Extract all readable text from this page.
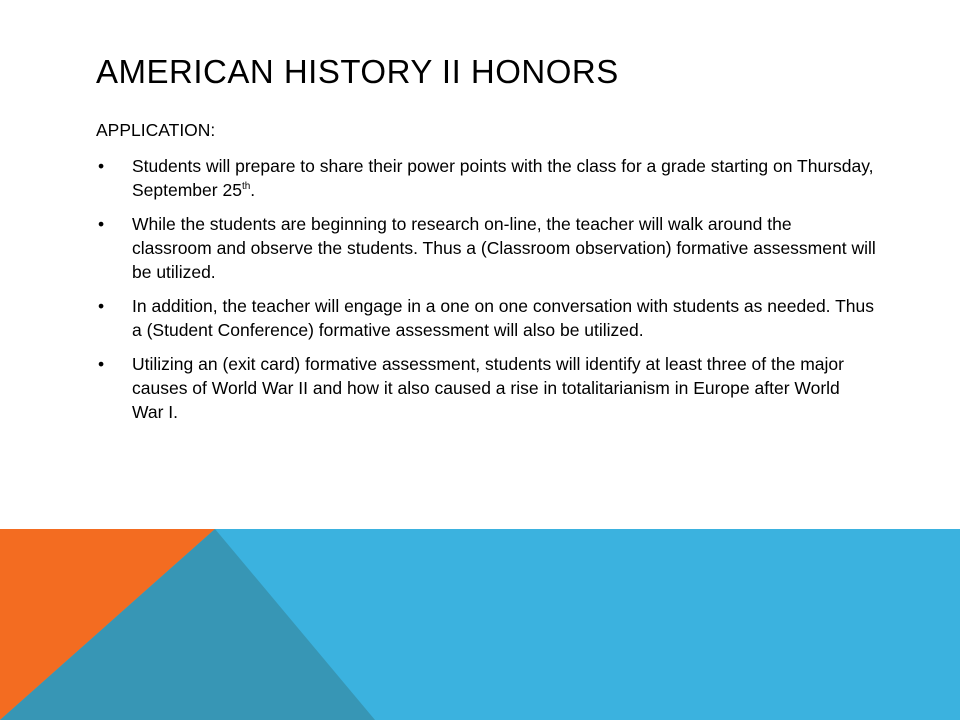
AMERICAN HISTORY II HONORS

APPLICATION:

•	Students will prepare to share their power points with the class for a grade starting on Thursday, September 25th.
•	While the students are beginning to research on-line, the teacher will walk around the classroom and observe the students. Thus a (Classroom observation) formative assessment will be utilized.
•	In addition, the teacher will engage in a one on one conversation with students as needed. Thus a (Student Conference) formative assessment will also be utilized.
•	Utilizing an (exit card) formative assessment, students will identify at least three of the major causes of World War II and how it also caused a rise in totalitarianism in Europe after World War I.
